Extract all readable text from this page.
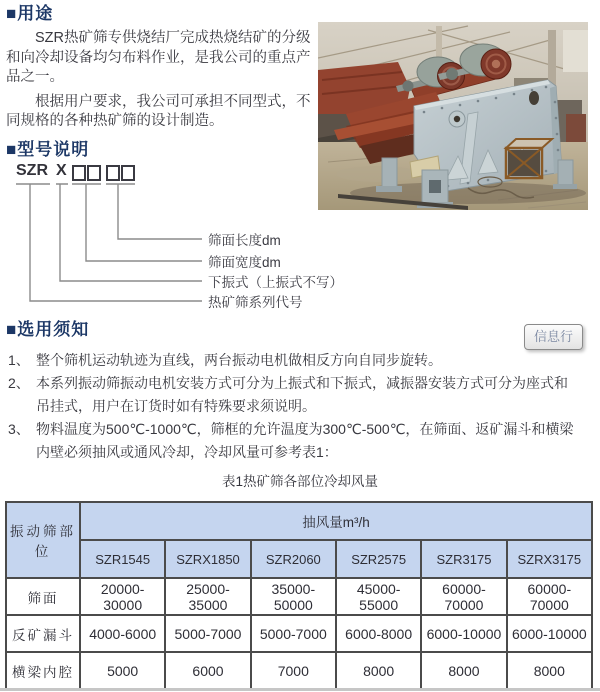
■用途

SZR热矿筛专供烧结厂完成热烧结矿的分级和向冷却设备均匀布料作业，是我公司的重点产品之一。

根据用户要求，我公司可承担不同型式，不同规格的各种热矿筛的设计制造。

■型号说明
SZR X
筛面长度dm
筛面宽度dm
下振式（上振式不写）
热矿筛系列代号
■选用须知	信息行
1、 整个筛机运动轨迹为直线，两台振动电机做相反方向自同步旋转。
2、 本系列振动筛振动电机安装方式可分为上振式和下振式，减振器安装方式可分为座式和吊挂式，用户在订货时如有特殊要求须说明。
3、 物料温度为500℃-1000℃，筛框的允许温度为300℃-500℃，在筛面、返矿漏斗和横梁内壁必须抽风或通风冷却，冷却风量可参考表1：
表1热矿筛各部位冷却风量
振动筛部位	抽风量m³/h					
	SZR1545	SZRX1850	SZR2060	SZR2575	SZR3175	SZRX3175
筛面	20000-30000	25000-35000	35000-50000	45000-55000	60000-70000	60000-70000
反矿漏斗	4000-6000	5000-7000	5000-7000	6000-8000	6000-10000	6000-10000
横梁内腔	5000	6000	7000	8000	8000	8000
